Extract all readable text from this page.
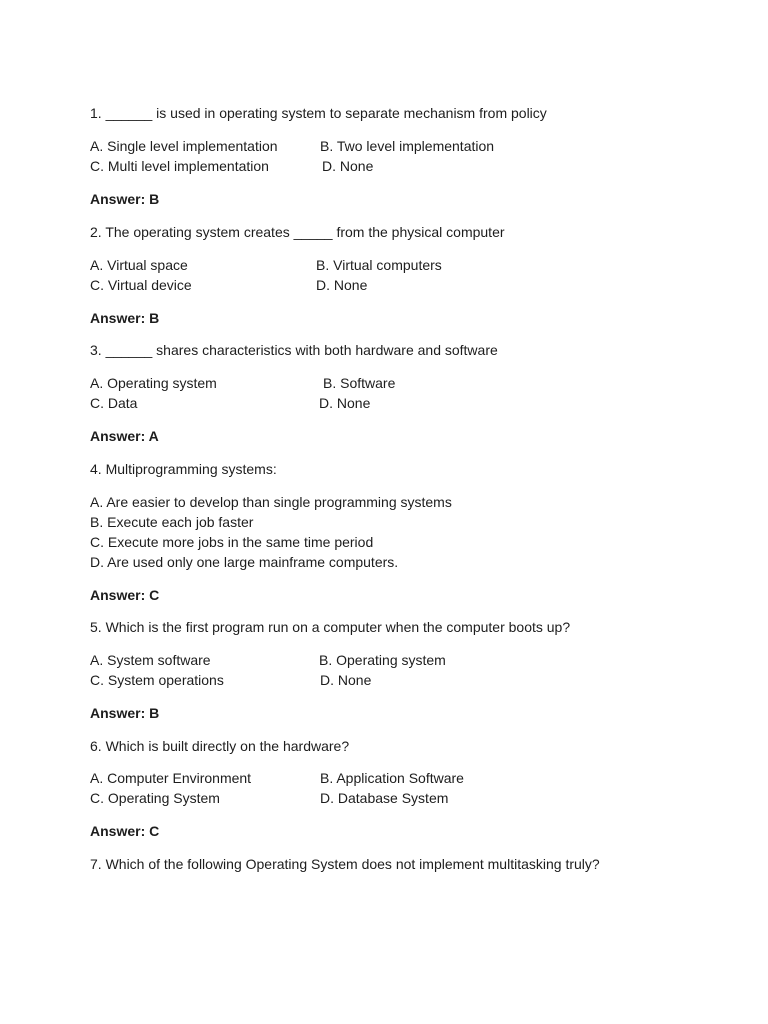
1. ______ is used in operating system to separate mechanism from policy
A. Single level implementation	B. Two level implementation
C. Multi level implementation	D. None
Answer: B
2. The operating system creates _____ from the physical computer
A. Virtual space	B. Virtual computers
C. Virtual device	D. None
Answer: B
3. ______ shares characteristics with both hardware and software
A. Operating system	B. Software
C. Data	D. None
Answer: A
4. Multiprogramming systems:
A. Are easier to develop than single programming systems
B. Execute each job faster
C. Execute more jobs in the same time period
D. Are used only one large mainframe computers.
Answer: C
5. Which is the first program run on a computer when the computer boots up?
A. System software	B. Operating system
C. System operations	D. None
Answer: B
6. Which is built directly on the hardware?
A. Computer Environment	B. Application Software
C. Operating System	D. Database System
Answer: C
7. Which of the following Operating System does not implement multitasking truly?
